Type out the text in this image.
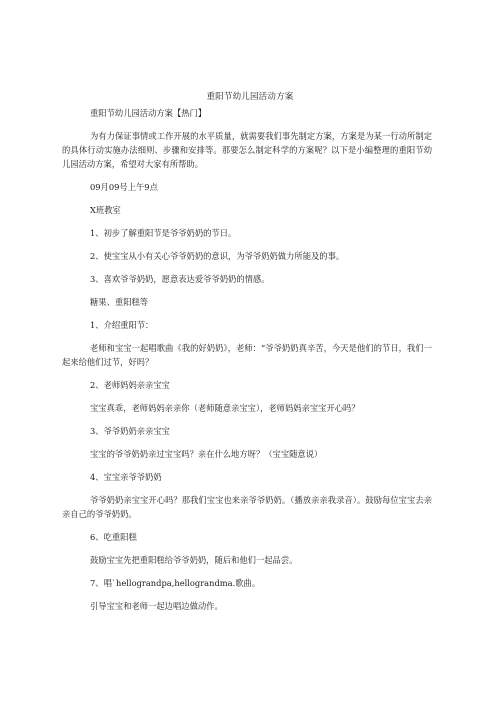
重阳节幼儿园活动方案

重阳节幼儿园活动方案【热门】

为有力保证事情或工作开展的水平质量，就需要我们事先制定方案，方案是为某一行动所制定的具体行动实施办法细则、步骤和安排等。那要怎么制定科学的方案呢？以下是小编整理的重阳节幼儿园活动方案，希望对大家有所帮助。

09月09号上午9点

X班教室

1、初步了解重阳节是爷爷奶奶的节日。

2、使宝宝从小有关心爷爷奶奶的意识，为爷爷奶奶做力所能及的事。

3、喜欢爷爷奶奶，愿意表达爱爷爷奶奶的情感。

糖果、重阳糕等

1、介绍重阳节：

老师和宝宝一起唱歌曲《我的好奶奶》，老师：“爷爷奶奶真辛苦，今天是他们的节日，我们一起来给他们过节，好吗？

2、老师妈妈亲亲宝宝

宝宝真乖，老师妈妈亲亲你（老师随意亲宝宝），老师妈妈亲宝宝开心吗？

3、爷爷奶奶亲亲宝宝

宝宝的爷爷奶奶亲过宝宝吗？亲在什么地方呀？（宝宝随意说）

4、宝宝亲爷爷奶奶

爷爷奶奶亲宝宝开心吗？那我们宝宝也来亲爷爷奶奶。（播放亲亲我录音）。鼓励每位宝宝去亲亲自己的爷爷奶奶。

6、吃重阳糕

鼓励宝宝先把重阳糕给爷爷奶奶，随后和他们一起品尝。

7、唱`hellograndpa,hellograndma.歌曲。

引导宝宝和老师一起边唱边做动作。
